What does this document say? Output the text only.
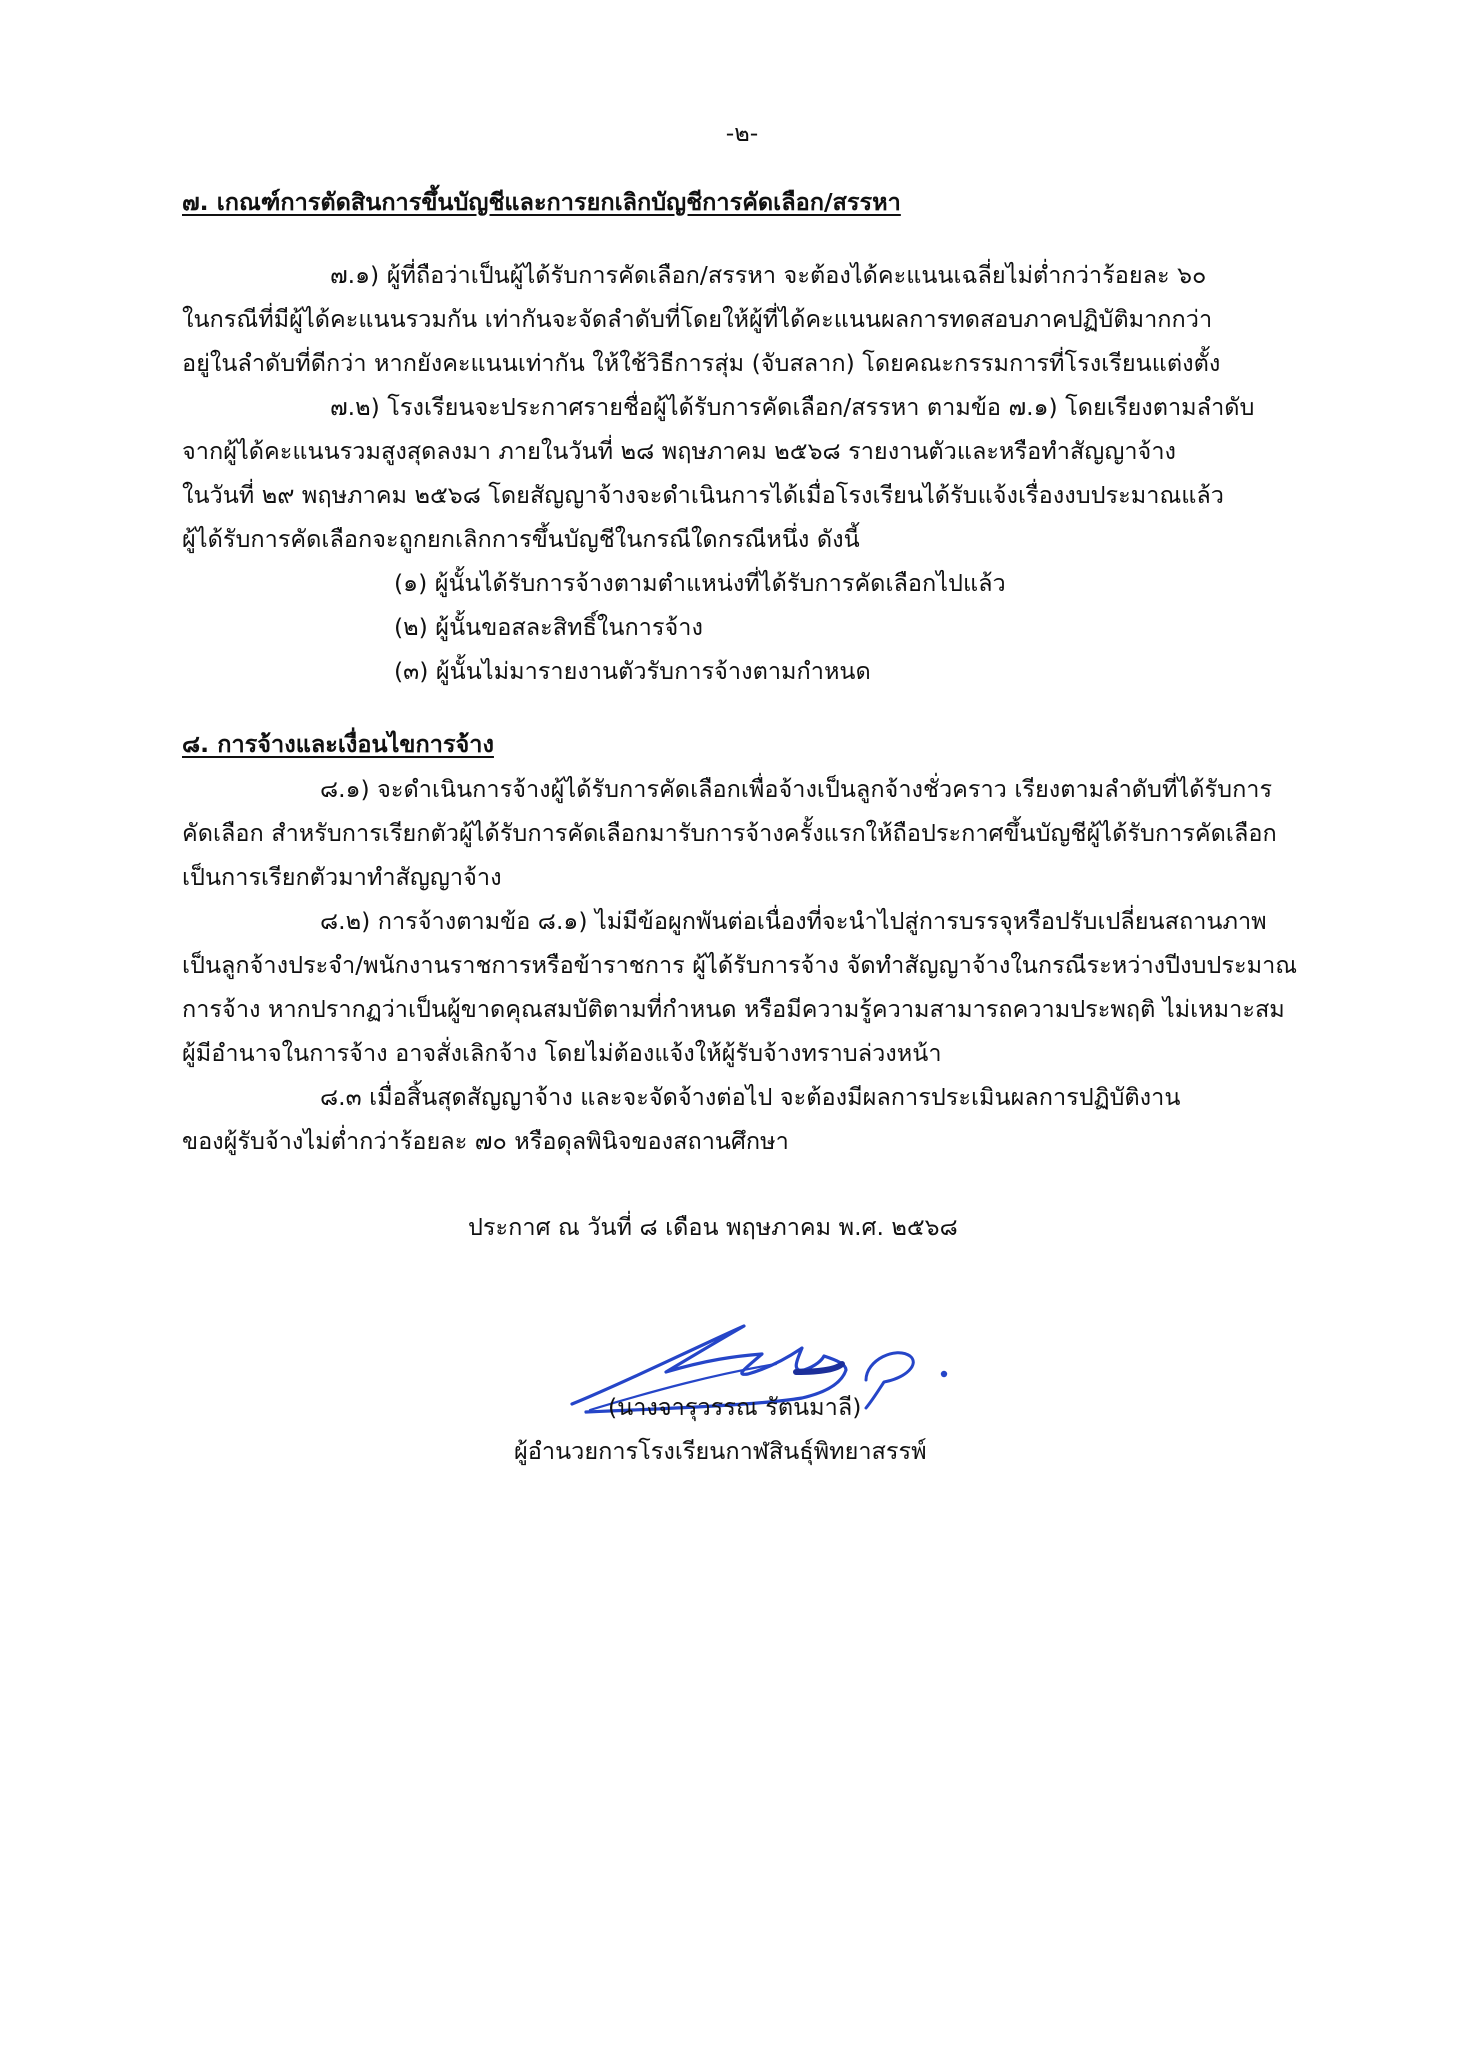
-๒-
๗. เกณฑ์การตัดสินการขึ้นบัญชีและการยกเลิกบัญชีการคัดเลือก/สรรหา
๗.๑) ผู้ที่ถือว่าเป็นผู้ได้รับการคัดเลือก/สรรหา จะต้องได้คะแนนเฉลี่ยไม่ต่ำกว่าร้อยละ ๖๐
ในกรณีที่มีผู้ได้คะแนนรวมกัน เท่ากันจะจัดลำดับที่โดยให้ผู้ที่ได้คะแนนผลการทดสอบภาคปฏิบัติมากกว่า
อยู่ในลำดับที่ดีกว่า หากยังคะแนนเท่ากัน ให้ใช้วิธีการสุ่ม (จับสลาก) โดยคณะกรรมการที่โรงเรียนแต่งตั้ง
๗.๒) โรงเรียนจะประกาศรายชื่อผู้ได้รับการคัดเลือก/สรรหา ตามข้อ ๗.๑) โดยเรียงตามลำดับ
จากผู้ได้คะแนนรวมสูงสุดลงมา ภายในวันที่ ๒๘ พฤษภาคม ๒๕๖๘ รายงานตัวและหรือทำสัญญาจ้าง
ในวันที่ ๒๙ พฤษภาคม ๒๕๖๘ โดยสัญญาจ้างจะดำเนินการได้เมื่อโรงเรียนได้รับแจ้งเรื่องงบประมาณแล้ว
ผู้ได้รับการคัดเลือกจะถูกยกเลิกการขึ้นบัญชีในกรณีใดกรณีหนึ่ง ดังนี้
(๑) ผู้นั้นได้รับการจ้างตามตำแหน่งที่ได้รับการคัดเลือกไปแล้ว
(๒) ผู้นั้นขอสละสิทธิ์ในการจ้าง
(๓) ผู้นั้นไม่มารายงานตัวรับการจ้างตามกำหนด
๘. การจ้างและเงื่อนไขการจ้าง
๘.๑) จะดำเนินการจ้างผู้ได้รับการคัดเลือกเพื่อจ้างเป็นลูกจ้างชั่วคราว เรียงตามลำดับที่ได้รับการ
คัดเลือก สำหรับการเรียกตัวผู้ได้รับการคัดเลือกมารับการจ้างครั้งแรกให้ถือประกาศขึ้นบัญชีผู้ได้รับการคัดเลือก
เป็นการเรียกตัวมาทำสัญญาจ้าง
๘.๒) การจ้างตามข้อ ๘.๑) ไม่มีข้อผูกพันต่อเนื่องที่จะนำไปสู่การบรรจุหรือปรับเปลี่ยนสถานภาพ
เป็นลูกจ้างประจำ/พนักงานราชการหรือข้าราชการ ผู้ได้รับการจ้าง จัดทำสัญญาจ้างในกรณีระหว่างปีงบประมาณ
การจ้าง หากปรากฏว่าเป็นผู้ขาดคุณสมบัติตามที่กำหนด หรือมีความรู้ความสามารถความประพฤติ ไม่เหมาะสม
ผู้มีอำนาจในการจ้าง อาจสั่งเลิกจ้าง โดยไม่ต้องแจ้งให้ผู้รับจ้างทราบล่วงหน้า
๘.๓ เมื่อสิ้นสุดสัญญาจ้าง และจะจัดจ้างต่อไป จะต้องมีผลการประเมินผลการปฏิบัติงาน
ของผู้รับจ้างไม่ต่ำกว่าร้อยละ ๗๐ หรือดุลพินิจของสถานศึกษา
ประกาศ ณ วันที่ ๘ เดือน พฤษภาคม พ.ศ. ๒๕๖๘
(นางจารุวรรณ รัตนมาลี)
ผู้อำนวยการโรงเรียนกาฬสินธุ์พิทยาสรรพ์
